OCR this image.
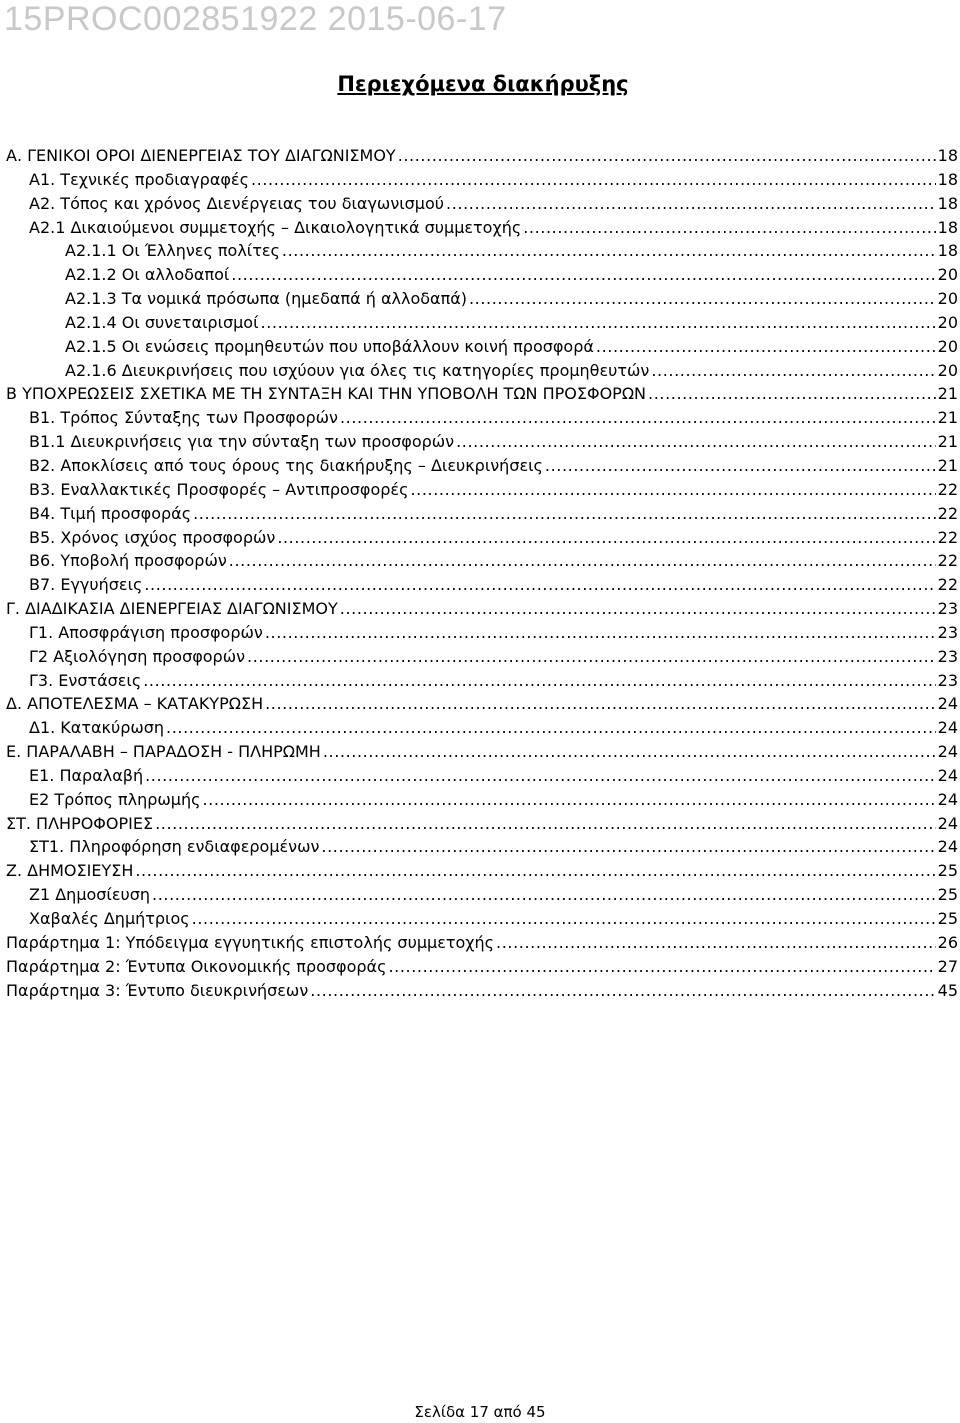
15PROC002851922 2015-06-17
Περιεχόμενα διακήρυξης
Α. ΓΕΝΙΚΟΙ ΟΡΟΙ ΔΙΕΝΕΡΓΕΙΑΣ ΤΟΥ ΔΙΑΓΩΝΙΣΜΟΥ .....	18
Α1. Τεχνικές προδιαγραφές .....	18
Α2. Τόπος και χρόνος Διενέργειας του διαγωνισμού .....	18
Α2.1 Δικαιούμενοι συμμετοχής – Δικαιολογητικά συμμετοχής .....	18
Α2.1.1 Οι Έλληνες πολίτες .....	18
Α2.1.2 Οι αλλοδαποί .....	20
Α2.1.3 Τα νομικά πρόσωπα (ημεδαπά ή αλλοδαπά) .....	20
Α2.1.4 Οι συνεταιρισμοί .....	20
Α2.1.5 Οι ενώσεις προμηθευτών που υποβάλλουν κοινή προσφορά .....	20
Α2.1.6 Διευκρινήσεις που ισχύουν για όλες τις κατηγορίες προμηθευτών .....	20
Β ΥΠΟΧΡΕΩΣΕΙΣ ΣΧΕΤΙΚΑ ΜΕ ΤΗ ΣΥΝΤΑΞΗ ΚΑΙ ΤΗΝ ΥΠΟΒΟΛΗ ΤΩΝ ΠΡΟΣΦΟΡΩΝ .....	21
Β1. Τρόπος Σύνταξης των Προσφορών .....	21
Β1.1 Διευκρινήσεις για την σύνταξη των προσφορών .....	21
Β2. Αποκλίσεις από τους όρους της διακήρυξης – Διευκρινήσεις .....	21
Β3. Εναλλακτικές Προσφορές – Αντιπροσφορές .....	22
Β4. Τιμή προσφοράς .....	22
Β5. Χρόνος ισχύος προσφορών .....	22
Β6. Υποβολή προσφορών .....	22
Β7. Εγγυήσεις .....	22
Γ. ΔΙΑΔΙΚΑΣΙΑ ΔΙΕΝΕΡΓΕΙΑΣ ΔΙΑΓΩΝΙΣΜΟΥ .....	23
Γ1. Αποσφράγιση προσφορών .....	23
Γ2 Αξιολόγηση προσφορών .....	23
Γ3. Ενστάσεις .....	23
Δ. ΑΠΟΤΕΛΕΣΜΑ – ΚΑΤΑΚΥΡΩΣΗ .....	24
Δ1. Κατακύρωση .....	24
Ε. ΠΑΡΑΛΑΒΗ – ΠΑΡΑΔΟΣΗ - ΠΛΗΡΩΜΗ .....	24
Ε1. Παραλαβή .....	24
Ε2 Τρόπος πληρωμής .....	24
ΣΤ. ΠΛΗΡΟΦΟΡΙΕΣ .....	24
ΣΤ1. Πληροφόρηση ενδιαφερομένων .....	24
Ζ. ΔΗΜΟΣΙΕΥΣΗ .....	25
Ζ1 Δημοσίευση .....	25
Χαβαλές Δημήτριος .....	25
Παράρτημα 1: Υπόδειγμα εγγυητικής επιστολής συμμετοχής .....	26
Παράρτημα 2: Έντυπα Οικονομικής προσφοράς .....	27
Παράρτημα 3: Έντυπο διευκρινήσεων .....	45
Σελίδα 17 από 45
